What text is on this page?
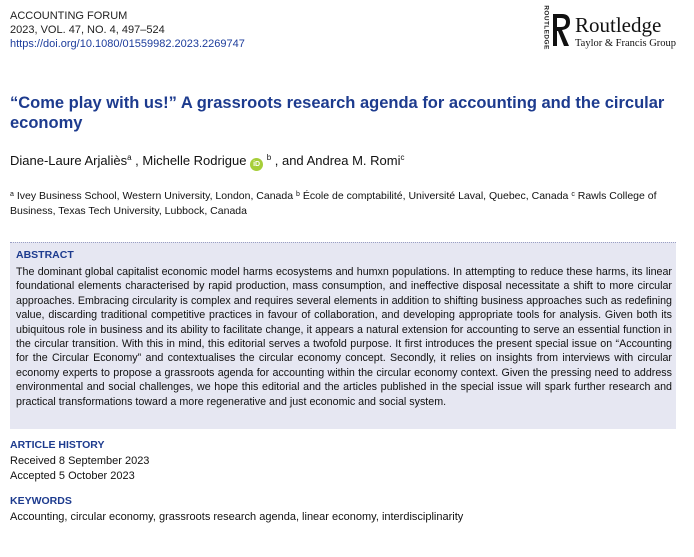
ACCOUNTING FORUM
2023, VOL. 47, NO. 4, 497–524
https://doi.org/10.1080/01559982.2023.2269747	ROUTLEDGE Routledge
Taylor & Francis Group
“Come play with us!” A grassroots research agenda for accounting and the circular economy
Diane-Laure Arjaliès$^a$ , Michelle Rodrigue iD $^b$ , and Andrea M. Romi$^c$
$^a$ Ivey Business School, Western University, London, Canada $^b$ École de comptabilité, Université Laval, Quebec, Canada $^c$ Rawls College of Business, Texas Tech University, Lubbock, Canada
ABSTRACT

The dominant global capitalist economic model harms ecosystems and humxn populations. In attempting to reduce these harms, its linear foundational elements characterised by rapid production, mass consumption, and ineffective disposal necessitate a shift to more circular approaches. Embracing circularity is complex and requires several elements in addition to shifting business approaches such as redefining value, discarding traditional competitive practices in favour of collaboration, and developing appropriate tools for analysis. Given both its ubiquitous role in business and its ability to facilitate change, it appears a natural extension for accounting to serve an essential function in the circular transition. With this in mind, this editorial serves a twofold purpose. It first introduces the present special issue on “Accounting for the Circular Economy” and contextualises the circular economy concept. Secondly, it relies on insights from interviews with circular economy experts to propose a grassroots agenda for accounting within the circular economy context. Given the pressing need to address environmental and social challenges, we hope this editorial and the articles published in the special issue will spark further research and practical transformations toward a more regenerative and just economic and social system.

ARTICLE HISTORY
Received 8 September 2023
Accepted 5 October 2023
KEYWORDS
Accounting, circular economy, grassroots research agenda, linear economy, interdisciplinarity
